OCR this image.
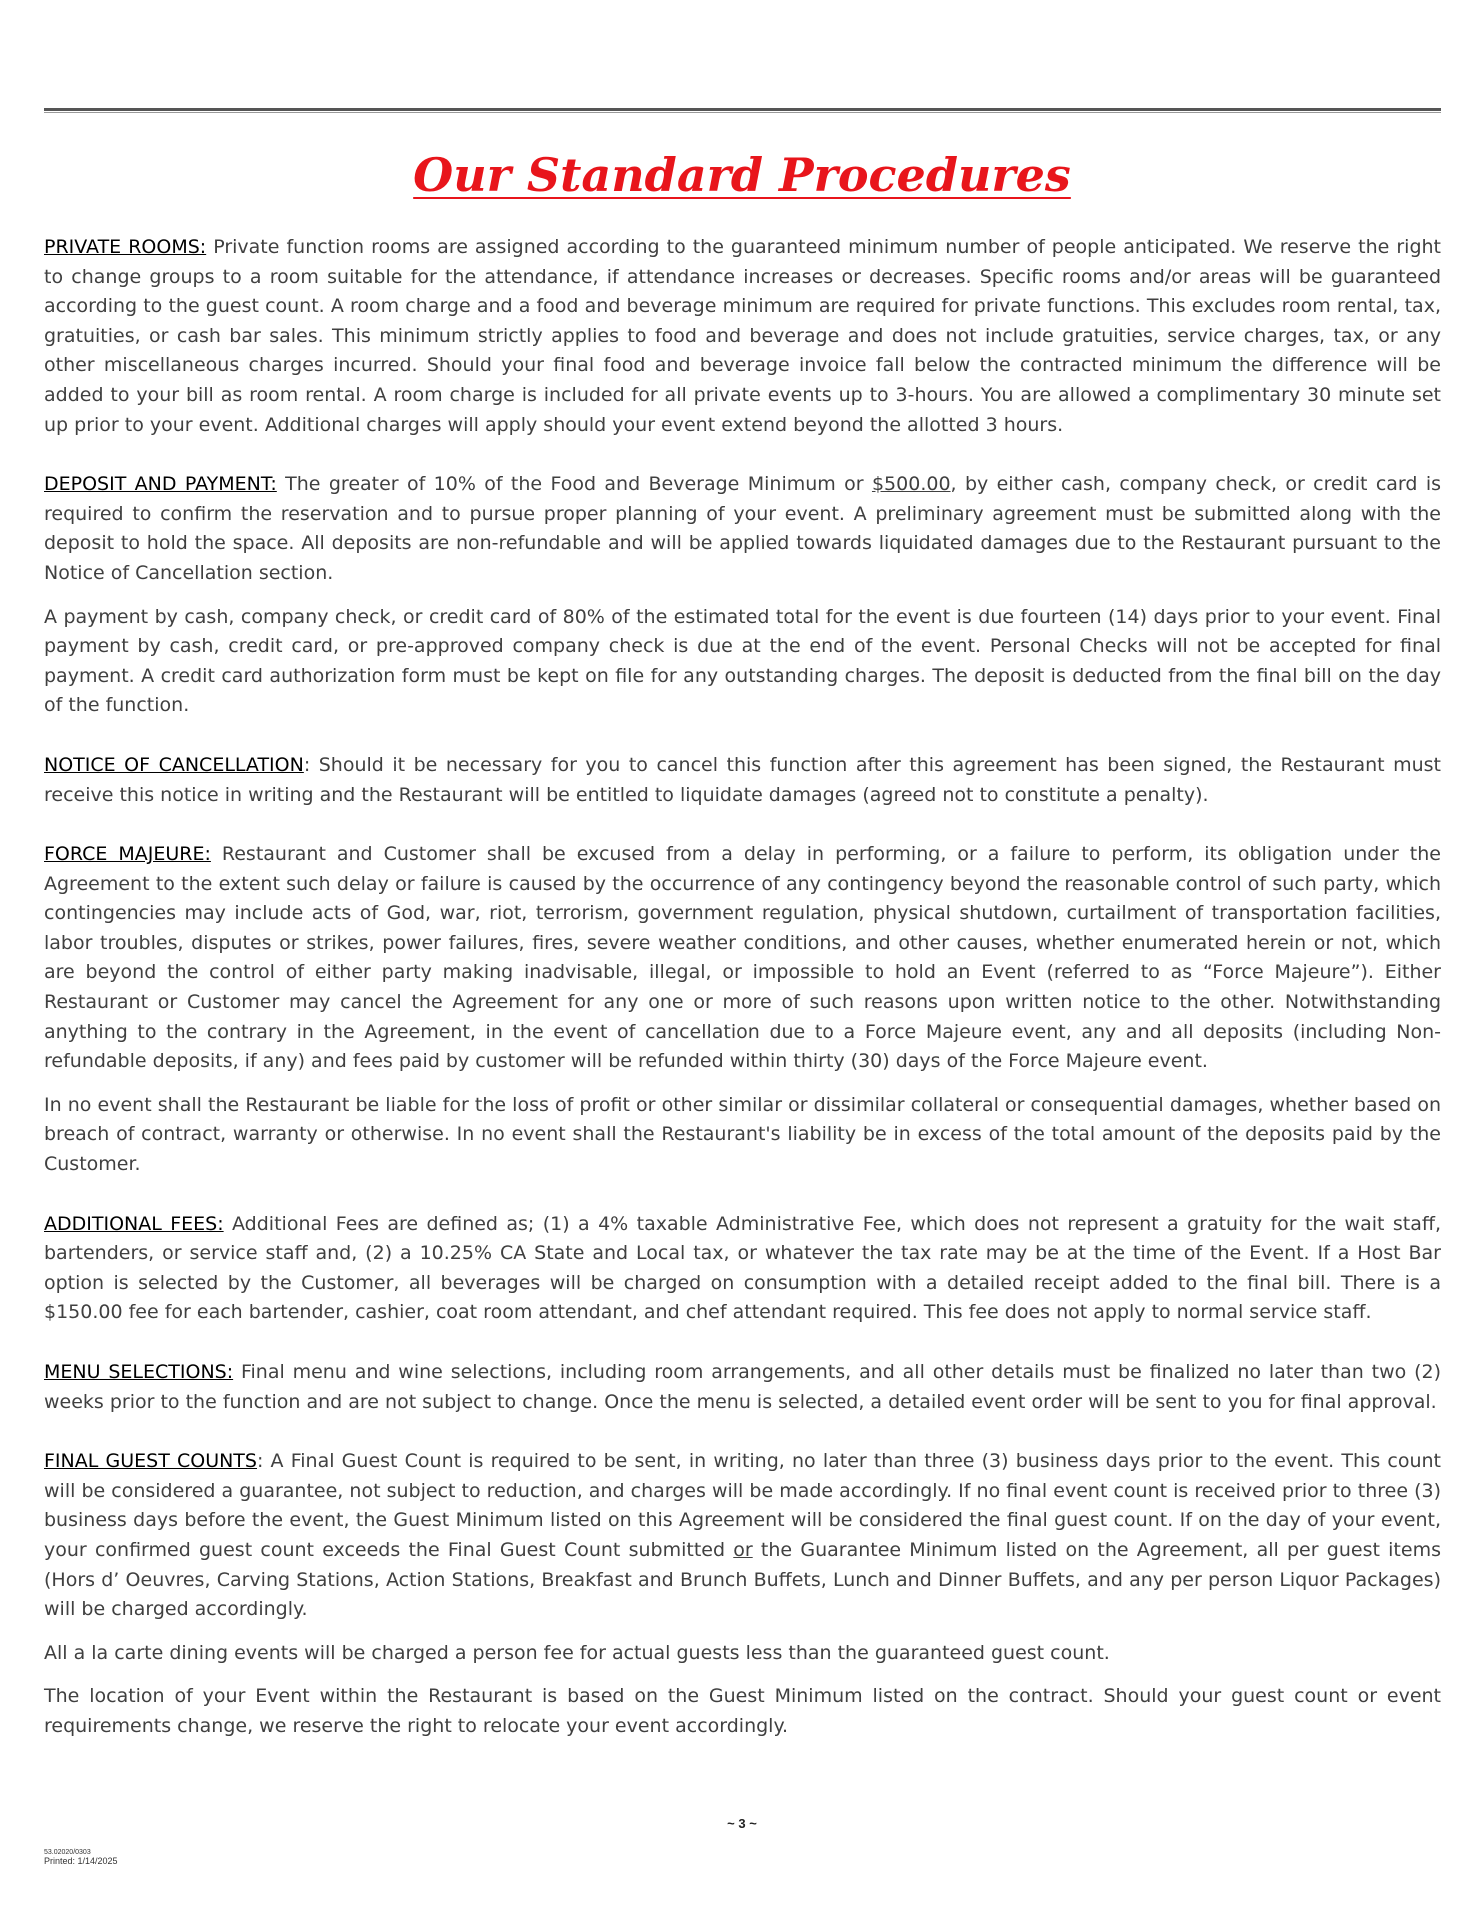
Our Standard Procedures

PRIVATE ROOMS: Private function rooms are assigned according to the guaranteed minimum number of people anticipated. We reserve the right to change groups to a room suitable for the attendance, if attendance increases or decreases. Specific rooms and/or areas will be guaranteed according to the guest count. A room charge and a food and beverage minimum are required for private functions. This excludes room rental, tax, gratuities, or cash bar sales. This minimum strictly applies to food and beverage and does not include gratuities, service charges, tax, or any other miscellaneous charges incurred. Should your final food and beverage invoice fall below the contracted minimum the difference will be added to your bill as room rental. A room charge is included for all private events up to 3-hours. You are allowed a complimentary 30 minute set up prior to your event. Additional charges will apply should your event extend beyond the allotted 3 hours.

DEPOSIT AND PAYMENT: The greater of 10% of the Food and Beverage Minimum or $500.00, by either cash, company check, or credit card is required to confirm the reservation and to pursue proper planning of your event. A preliminary agreement must be submitted along with the deposit to hold the space. All deposits are non-refundable and will be applied towards liquidated damages due to the Restaurant pursuant to the Notice of Cancellation section.

A payment by cash, company check, or credit card of 80% of the estimated total for the event is due fourteen (14) days prior to your event. Final payment by cash, credit card, or pre-approved company check is due at the end of the event. Personal Checks will not be accepted for final payment. A credit card authorization form must be kept on file for any outstanding charges. The deposit is deducted from the final bill on the day of the function.

NOTICE OF CANCELLATION: Should it be necessary for you to cancel this function after this agreement has been signed, the Restaurant must receive this notice in writing and the Restaurant will be entitled to liquidate damages (agreed not to constitute a penalty).

FORCE MAJEURE: Restaurant and Customer shall be excused from a delay in performing, or a failure to perform, its obligation under the Agreement to the extent such delay or failure is caused by the occurrence of any contingency beyond the reasonable control of such party, which contingencies may include acts of God, war, riot, terrorism, government regulation, physical shutdown, curtailment of transportation facilities, labor troubles, disputes or strikes, power failures, fires, severe weather conditions, and other causes, whether enumerated herein or not, which are beyond the control of either party making inadvisable, illegal, or impossible to hold an Event (referred to as “Force Majeure”). Either Restaurant or Customer may cancel the Agreement for any one or more of such reasons upon written notice to the other. Notwithstanding anything to the contrary in the Agreement, in the event of cancellation due to a Force Majeure event, any and all deposits (including Non-refundable deposits, if any) and fees paid by customer will be refunded within thirty (30) days of the Force Majeure event.

In no event shall the Restaurant be liable for the loss of profit or other similar or dissimilar collateral or consequential damages, whether based on breach of contract, warranty or otherwise. In no event shall the Restaurant's liability be in excess of the total amount of the deposits paid by the Customer.

ADDITIONAL FEES: Additional Fees are defined as; (1) a 4% taxable Administrative Fee, which does not represent a gratuity for the wait staff, bartenders, or service staff and, (2) a 10.25% CA State and Local tax, or whatever the tax rate may be at the time of the Event. If a Host Bar option is selected by the Customer, all beverages will be charged on consumption with a detailed receipt added to the final bill. There is a $150.00 fee for each bartender, cashier, coat room attendant, and chef attendant required. This fee does not apply to normal service staff.

MENU SELECTIONS: Final menu and wine selections, including room arrangements, and all other details must be finalized no later than two (2) weeks prior to the function and are not subject to change. Once the menu is selected, a detailed event order will be sent to you for final approval.

FINAL GUEST COUNTS: A Final Guest Count is required to be sent, in writing, no later than three (3) business days prior to the event. This count will be considered a guarantee, not subject to reduction, and charges will be made accordingly. If no final event count is received prior to three (3) business days before the event, the Guest Minimum listed on this Agreement will be considered the final guest count. If on the day of your event, your confirmed guest count exceeds the Final Guest Count submitted or the Guarantee Minimum listed on the Agreement, all per guest items (Hors d’ Oeuvres, Carving Stations, Action Stations, Breakfast and Brunch Buffets, Lunch and Dinner Buffets, and any per person Liquor Packages) will be charged accordingly.

All a la carte dining events will be charged a person fee for actual guests less than the guaranteed guest count.

The location of your Event within the Restaurant is based on the Guest Minimum listed on the contract. Should your guest count or event requirements change, we reserve the right to relocate your event accordingly.

~ 3 ~
53.02020/0303
Printed: 1/14/2025
